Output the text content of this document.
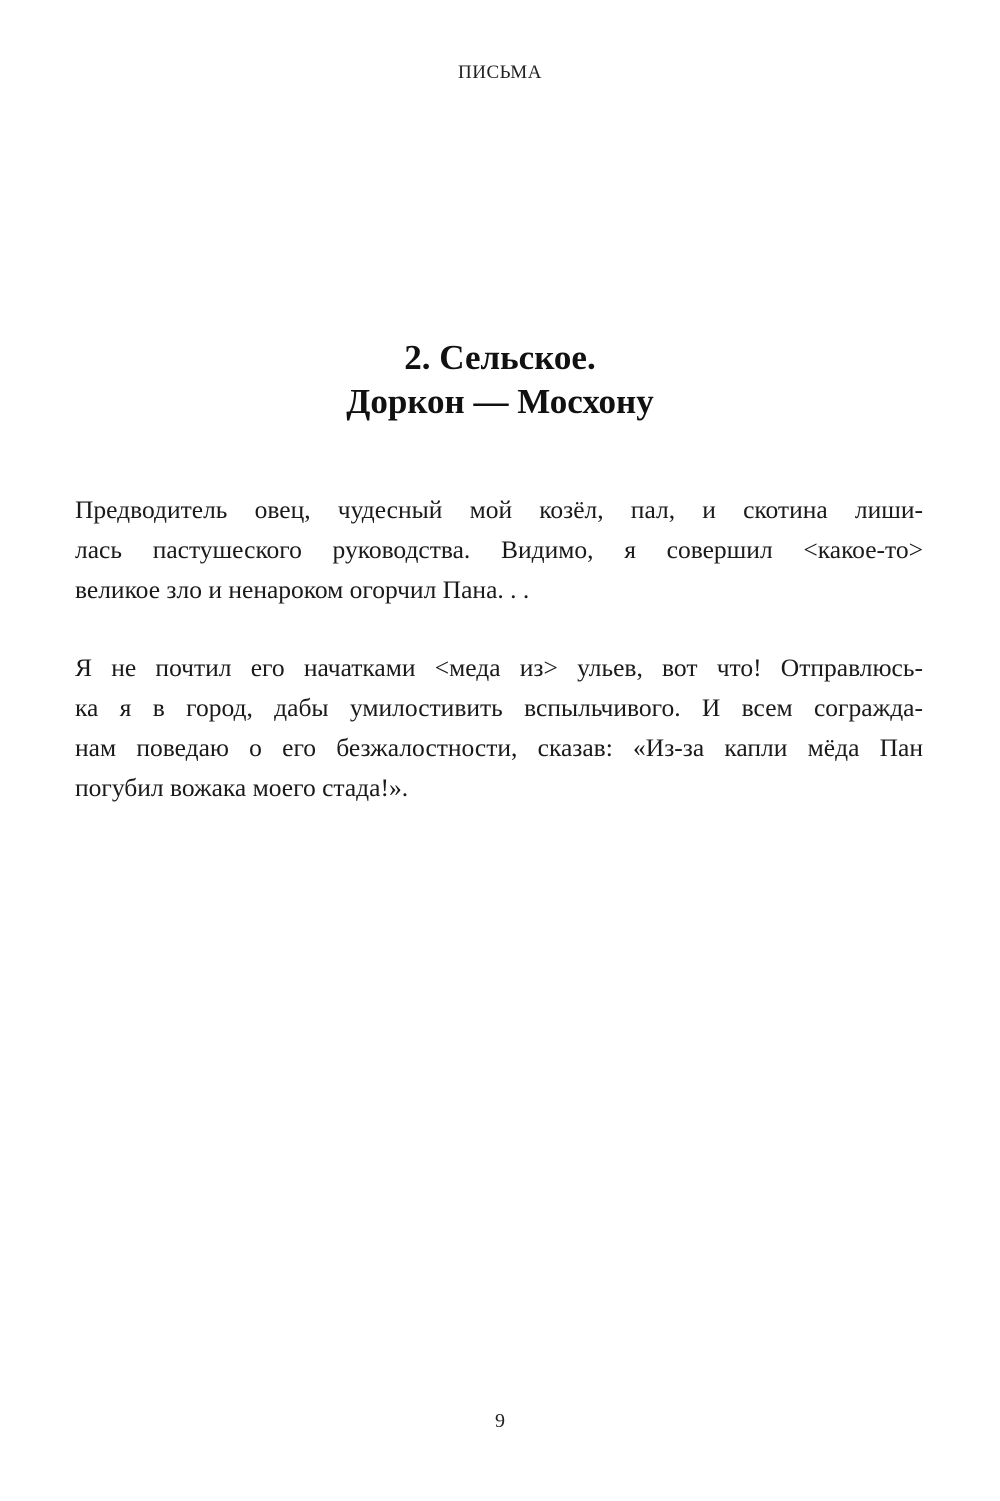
ПИСЬМА
2. Сельское.
Доркон — Мосхону
Предводитель овец, чудесный мой козёл, пал, и скотина лиши-
лась пастушеского руководства. Видимо, я совершил <какое-то>
великое зло и ненароком огорчил Пана. . .
Я не почтил его начатками <меда из> ульев, вот что! Отправлюсь-
ка я в город, дабы умилостивить вспыльчивого. И всем сограждa-
нам поведаю о его безжалостности, сказав: «Из-за капли мёда Пан
погубил вожака моего стада!».
9
